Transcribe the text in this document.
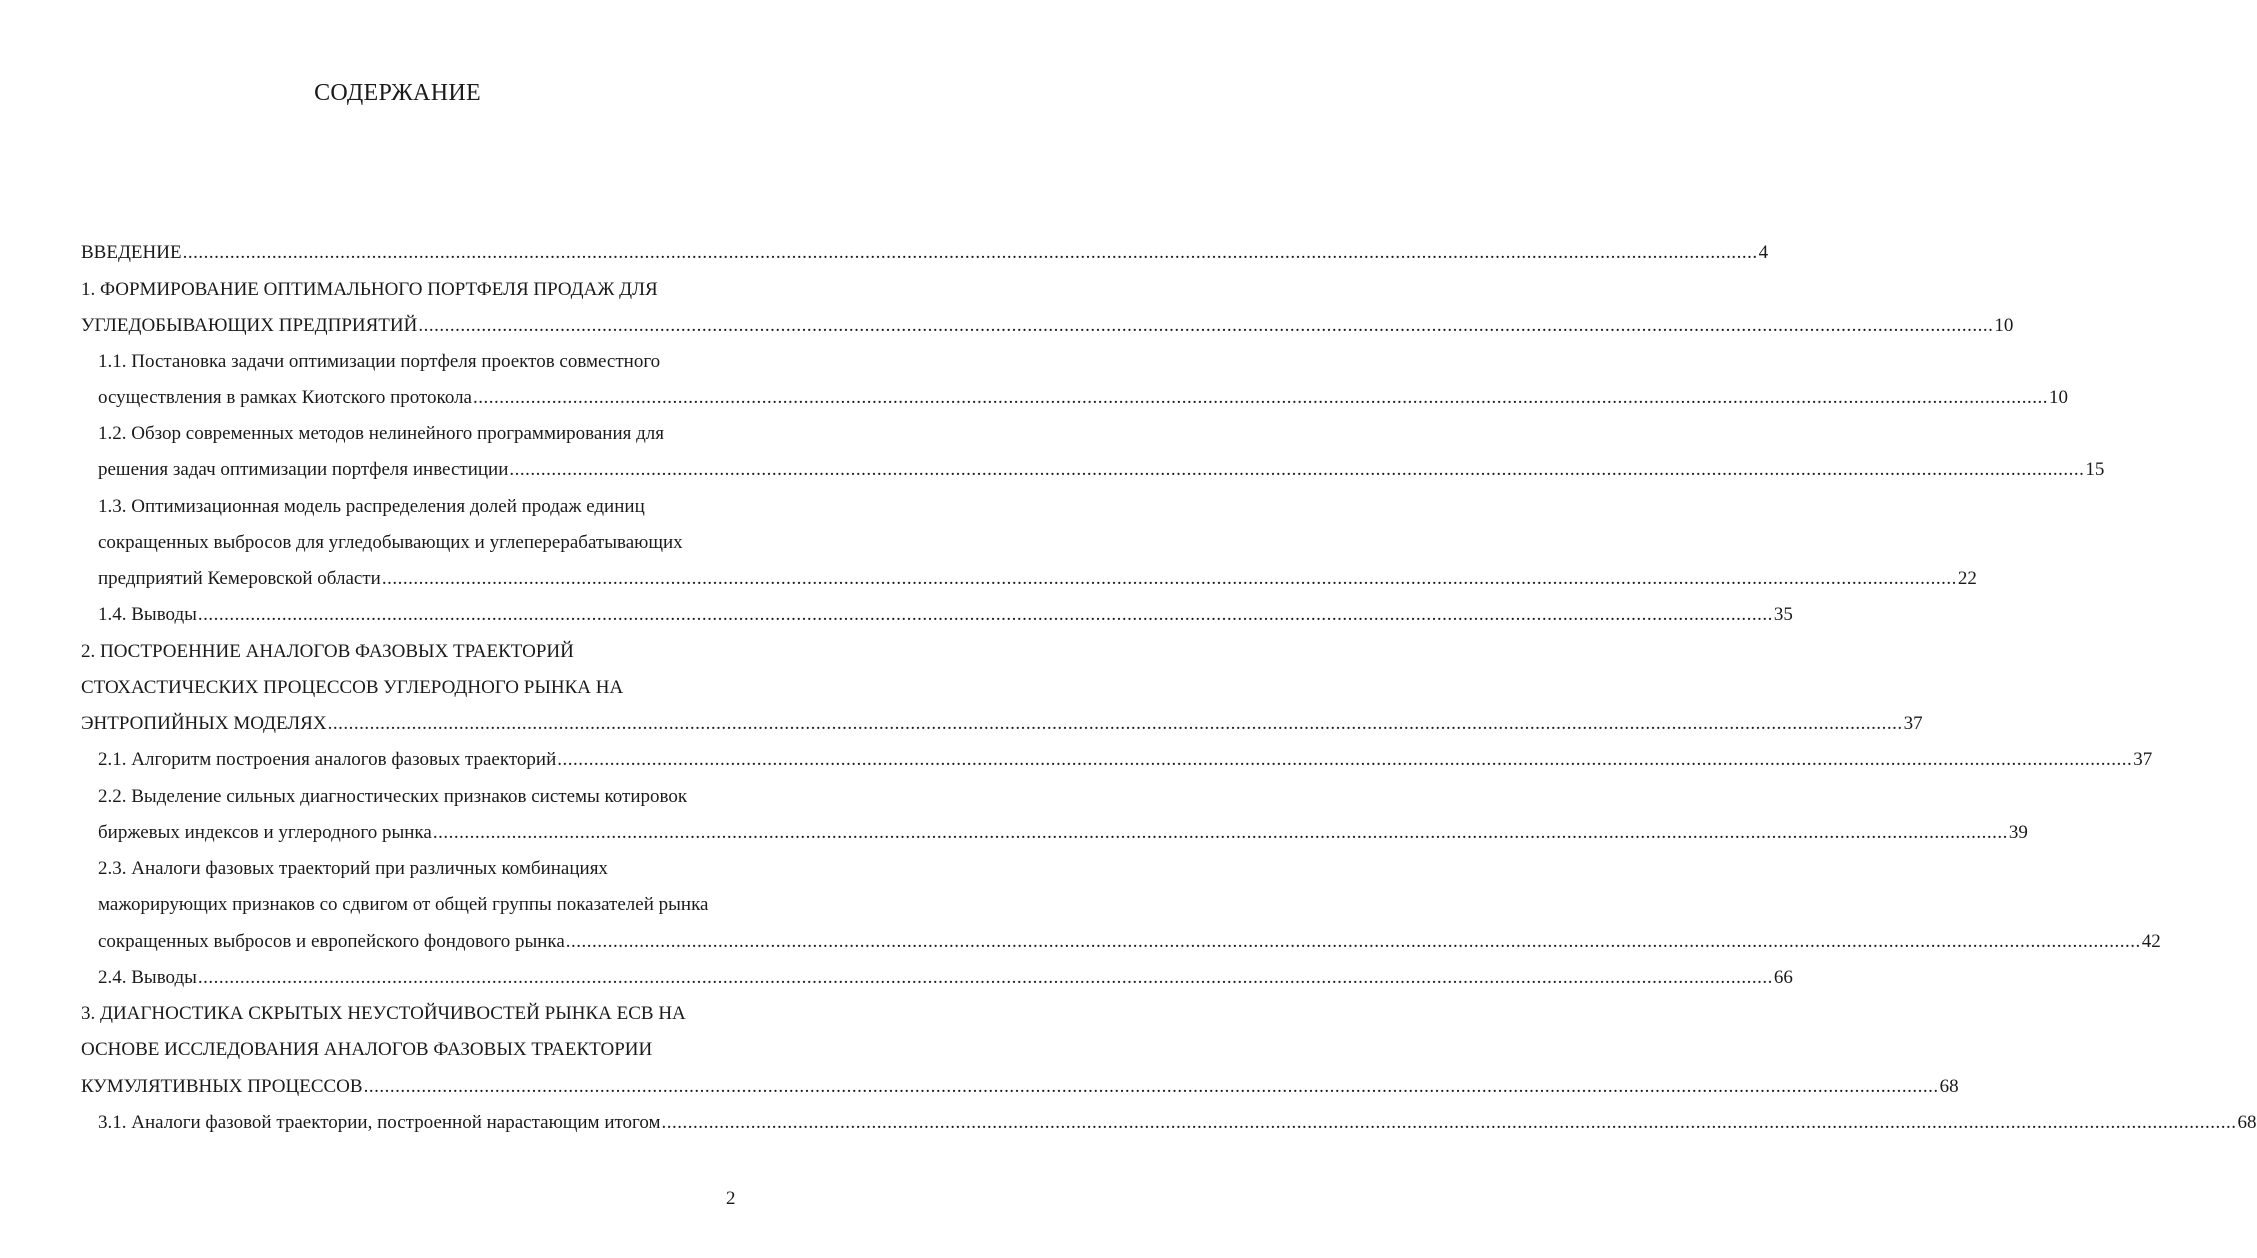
СОДЕРЖАНИЕ
ВВЕДЕНИЕ ............................................................................................................................................................................................................................................................................................................ 4
1. ФОРМИРОВАНИЕ ОПТИМАЛЬНОГО ПОРТФЕЛЯ ПРОДАЖ ДЛЯ
УГЛЕДОБЫВАЮЩИХ ПРЕДПРИЯТИЙ ............................................................................................................................................................................................................................................................................................................ 10
1.1. Постановка задачи оптимизации портфеля проектов совместного
осуществления в рамках Киотского протокола ............................................................................................................................................................................................................................................................................................................ 10
1.2. Обзор современных методов нелинейного программирования для
решения задач оптимизации портфеля инвестиции ............................................................................................................................................................................................................................................................................................................ 15
1.3. Оптимизационная модель распределения долей продаж единиц
сокращенных выбросов для угледобывающих и углеперерабатывающих
предприятий Кемеровской области ............................................................................................................................................................................................................................................................................................................ 22
1.4. Выводы ............................................................................................................................................................................................................................................................................................................ 35
2. ПОСТРОЕННИЕ АНАЛОГОВ ФАЗОВЫХ ТРАЕКТОРИЙ
СТОХАСТИЧЕСКИХ ПРОЦЕССОВ УГЛЕРОДНОГО РЫНКА НА
ЭНТРОПИЙНЫХ МОДЕЛЯХ ............................................................................................................................................................................................................................................................................................................ 37
2.1. Алгоритм построения аналогов фазовых траекторий ............................................................................................................................................................................................................................................................................................................ 37
2.2. Выделение сильных диагностических признаков системы котировок
биржевых индексов и углеродного рынка ............................................................................................................................................................................................................................................................................................................ 39
2.3. Аналоги фазовых траекторий при различных комбинациях
мажорирующих признаков со сдвигом от общей группы показателей рынка
сокращенных выбросов и европейского фондового рынка ............................................................................................................................................................................................................................................................................................................ 42
2.4. Выводы ............................................................................................................................................................................................................................................................................................................ 66
3. ДИАГНОСТИКА СКРЫТЫХ НЕУСТОЙЧИВОСТЕЙ РЫНКА ЕСВ НА
ОСНОВЕ ИССЛЕДОВАНИЯ АНАЛОГОВ ФАЗОВЫХ ТРАЕКТОРИИ
КУМУЛЯТИВНЫХ ПРОЦЕССОВ ............................................................................................................................................................................................................................................................................................................ 68
3.1. Аналоги фазовой траектории, построенной нарастающим итогом ............................................................................................................................................................................................................................................................................................................ 68
2
